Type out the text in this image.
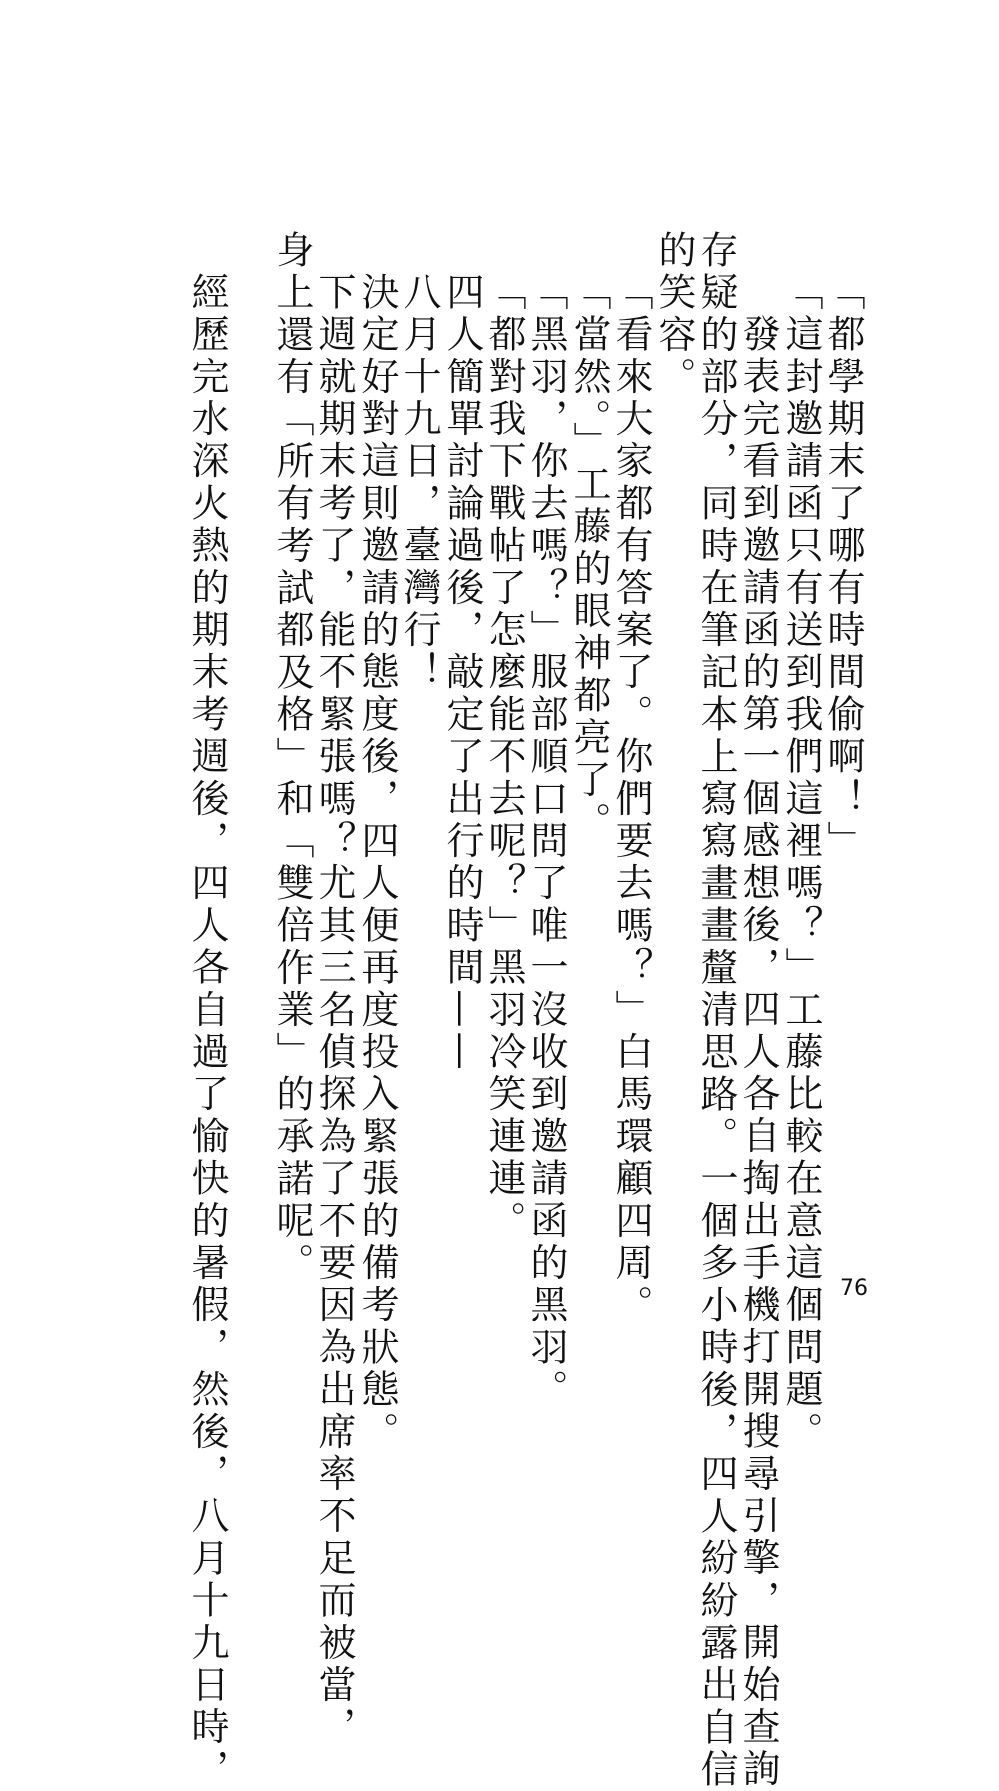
「都學期末了哪有時間偷啊！」

「這封邀請函只有送到我們這裡嗎？」工藤比較在意這個問題。

發表完看到邀請函的第一個感想後，四人各自掏出手機打開搜尋引擎，開始查詢

存疑的部分，同時在筆記本上寫寫畫畫釐清思路。一個多小時後，四人紛紛露出自信

的笑容。

「看來大家都有答案了。你們要去嗎？」白馬環顧四周。

「當然。」工藤的眼神都亮了。

「黑羽，你去嗎？」服部順口問了唯一沒收到邀請函的黑羽。

「都對我下戰帖了怎麼能不去呢？」黑羽冷笑連連。

四人簡單討論過後，敲定了出行的時間——

八月十九日，臺灣行！

決定好對這則邀請的態度後，四人便再度投入緊張的備考狀態。

下週就期末考了，能不緊張嗎？尤其三名偵探為了不要因為出席率不足而被當，

身上還有「所有考試都及格」和「雙倍作業」的承諾呢。

經歷完水深火熱的期末考週後，四人各自過了愉快的暑假，然後，八月十九日時，	76
